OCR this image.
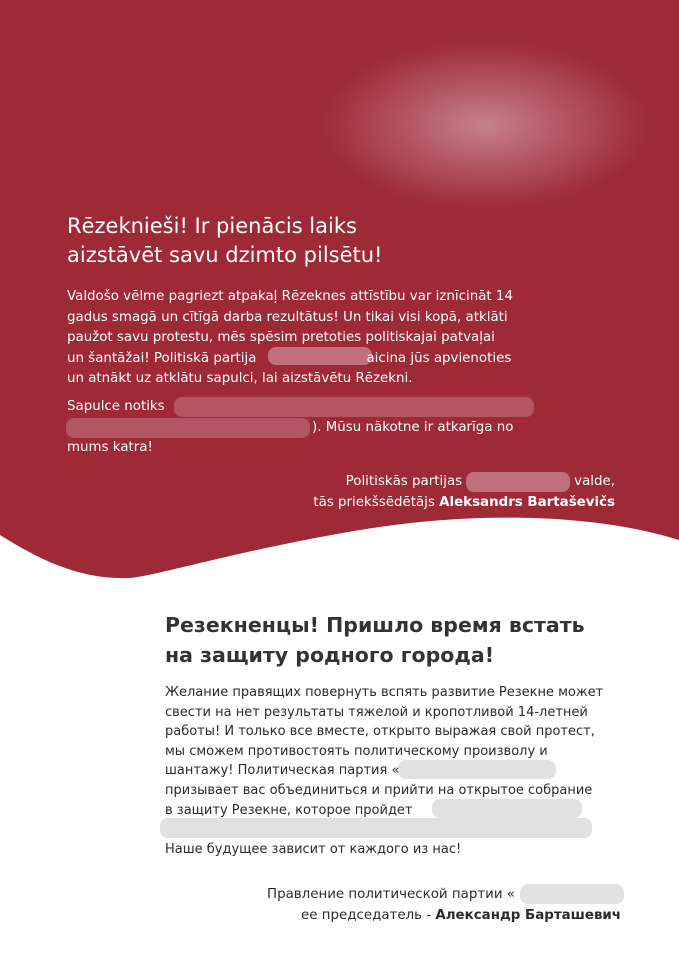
Rēzeknieši! Ir pienācis laiks
aizstāvēt savu dzimto pilsētu!
Valdošo vēlme pagriezt atpakaļ Rēzeknes attīstību var iznīcināt 14
gadus smagā un cītīgā darba rezultātus! Un tikai visi kopā, atklāti
paužot savu protestu, mēs spēsim pretoties politiskajai patvaļai
un šantāžai! Politiskā partija	aicina jūs apvienoties
un atnākt uz atklātu sapulci, lai aizstāvētu Rēzekni.
Sapulce notiks
). Mūsu nākotne ir atkarīga no
mums katra!
Politiskās partijas	valde,
tās priekšsēdētājs Aleksandrs Bartaševičs
Резекненцы! Пришло время встать
на защиту родного города!
Желание правящих повернуть вспять развитие Резекне может
свести на нет результаты тяжелой и кропотливой 14-летней
работы! И только все вместе, открыто выражая свой протест,
мы сможем противостоять политическому произволу и
шантажу! Политическая партия «
призывает вас объединиться и прийти на открытое собрание
в защиту Резекне, которое пройдет

Наше будущее зависит от каждого из нас!
Правление политической партии «
ее председатель - Александр Барташевич
